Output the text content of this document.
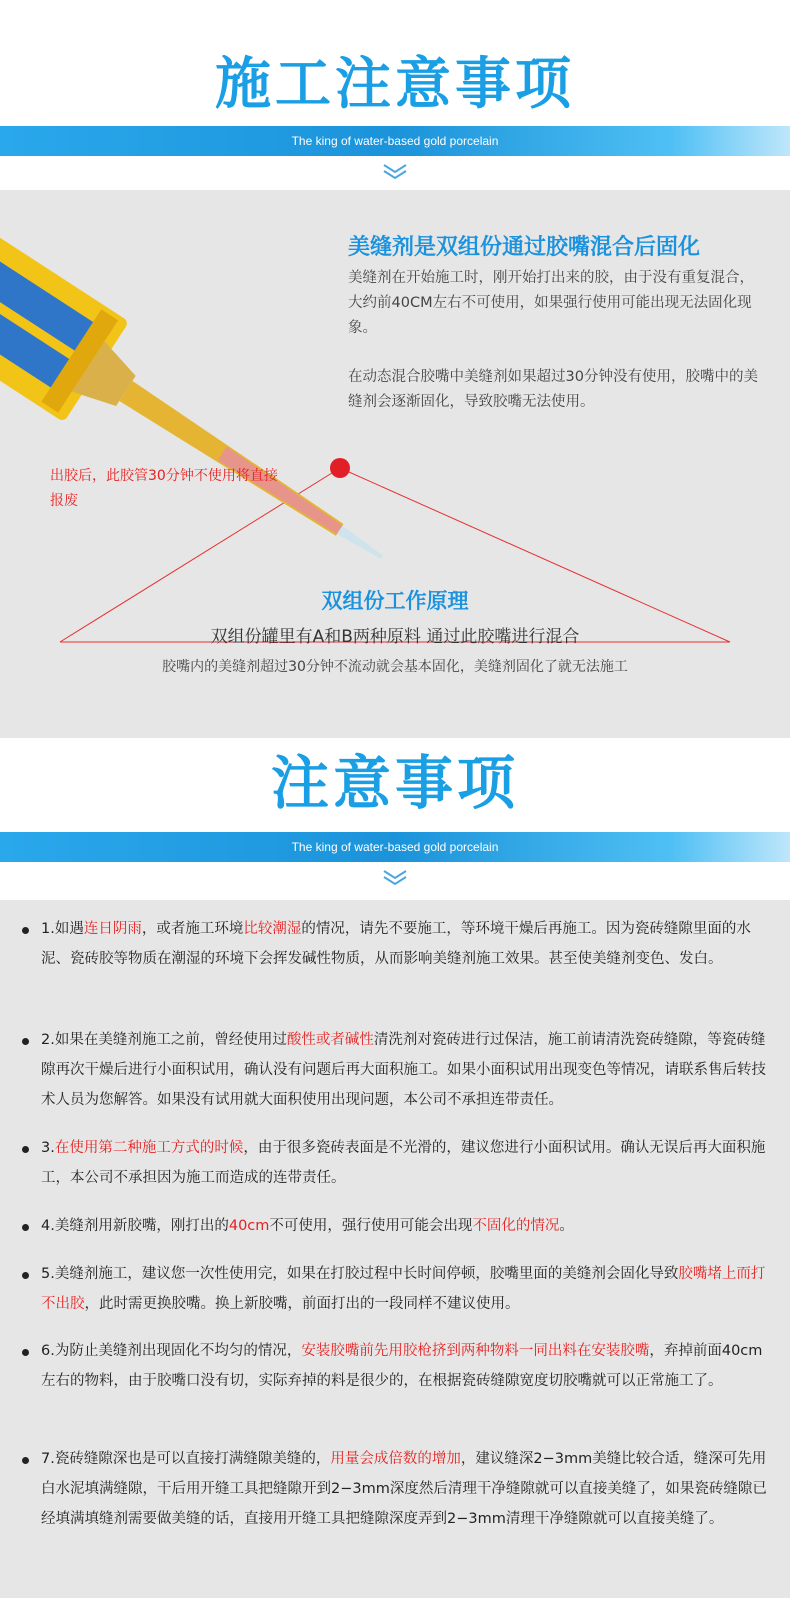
施工注意事项
The king of water-based gold porcelain
美缝剂是双组份通过胶嘴混合后固化
美缝剂在开始施工时，刚开始打出来的胶，由于没有重复混合，大约前40CM左右不可使用，如果强行使用可能出现无法固化现象。
在动态混合胶嘴中美缝剂如果超过30分钟没有使用，胶嘴中的美缝剂会逐渐固化，导致胶嘴无法使用。
出胶后，此胶管30分钟不使用将直接报废
双组份工作原理
双组份罐里有A和B两种原料 通过此胶嘴进行混合
胶嘴内的美缝剂超过30分钟不流动就会基本固化，美缝剂固化了就无法施工
注意事项
The king of water-based gold porcelain
1.如遇连日阴雨，或者施工环境比较潮湿的情况，请先不要施工，等环境干燥后再施工。因为瓷砖缝隙里面的水泥、瓷砖胶等物质在潮湿的环境下会挥发碱性物质，从而影响美缝剂施工效果。甚至使美缝剂变色、发白。
2.如果在美缝剂施工之前，曾经使用过酸性或者碱性清洗剂对瓷砖进行过保洁，施工前请清洗瓷砖缝隙，等瓷砖缝隙再次干燥后进行小面积试用，确认没有问题后再大面积施工。如果小面积试用出现变色等情况，请联系售后转技术人员为您解答。如果没有试用就大面积使用出现问题，本公司不承担连带责任。
3.在使用第二种施工方式的时候，由于很多瓷砖表面是不光滑的，建议您进行小面积试用。确认无误后再大面积施工，本公司不承担因为施工而造成的连带责任。
4.美缝剂用新胶嘴，刚打出的40cm不可使用，强行使用可能会出现不固化的情况。
5.美缝剂施工，建议您一次性使用完，如果在打胶过程中长时间停顿，胶嘴里面的美缝剂会固化导致胶嘴堵上而打不出胶，此时需更换胶嘴。换上新胶嘴，前面打出的一段同样不建议使用。
6.为防止美缝剂出现固化不均匀的情况，安装胶嘴前先用胶枪挤到两种物料一同出料在安装胶嘴，弃掉前面40cm左右的物料，由于胶嘴口没有切，实际弃掉的料是很少的，在根据瓷砖缝隙宽度切胶嘴就可以正常施工了。
7.瓷砖缝隙深也是可以直接打满缝隙美缝的，用量会成倍数的增加，建议缝深2−3mm美缝比较合适，缝深可先用白水泥填满缝隙，干后用开缝工具把缝隙开到2−3mm深度然后清理干净缝隙就可以直接美缝了，如果瓷砖缝隙已经填满填缝剂需要做美缝的话，直接用开缝工具把缝隙深度弄到2−3mm清理干净缝隙就可以直接美缝了。
